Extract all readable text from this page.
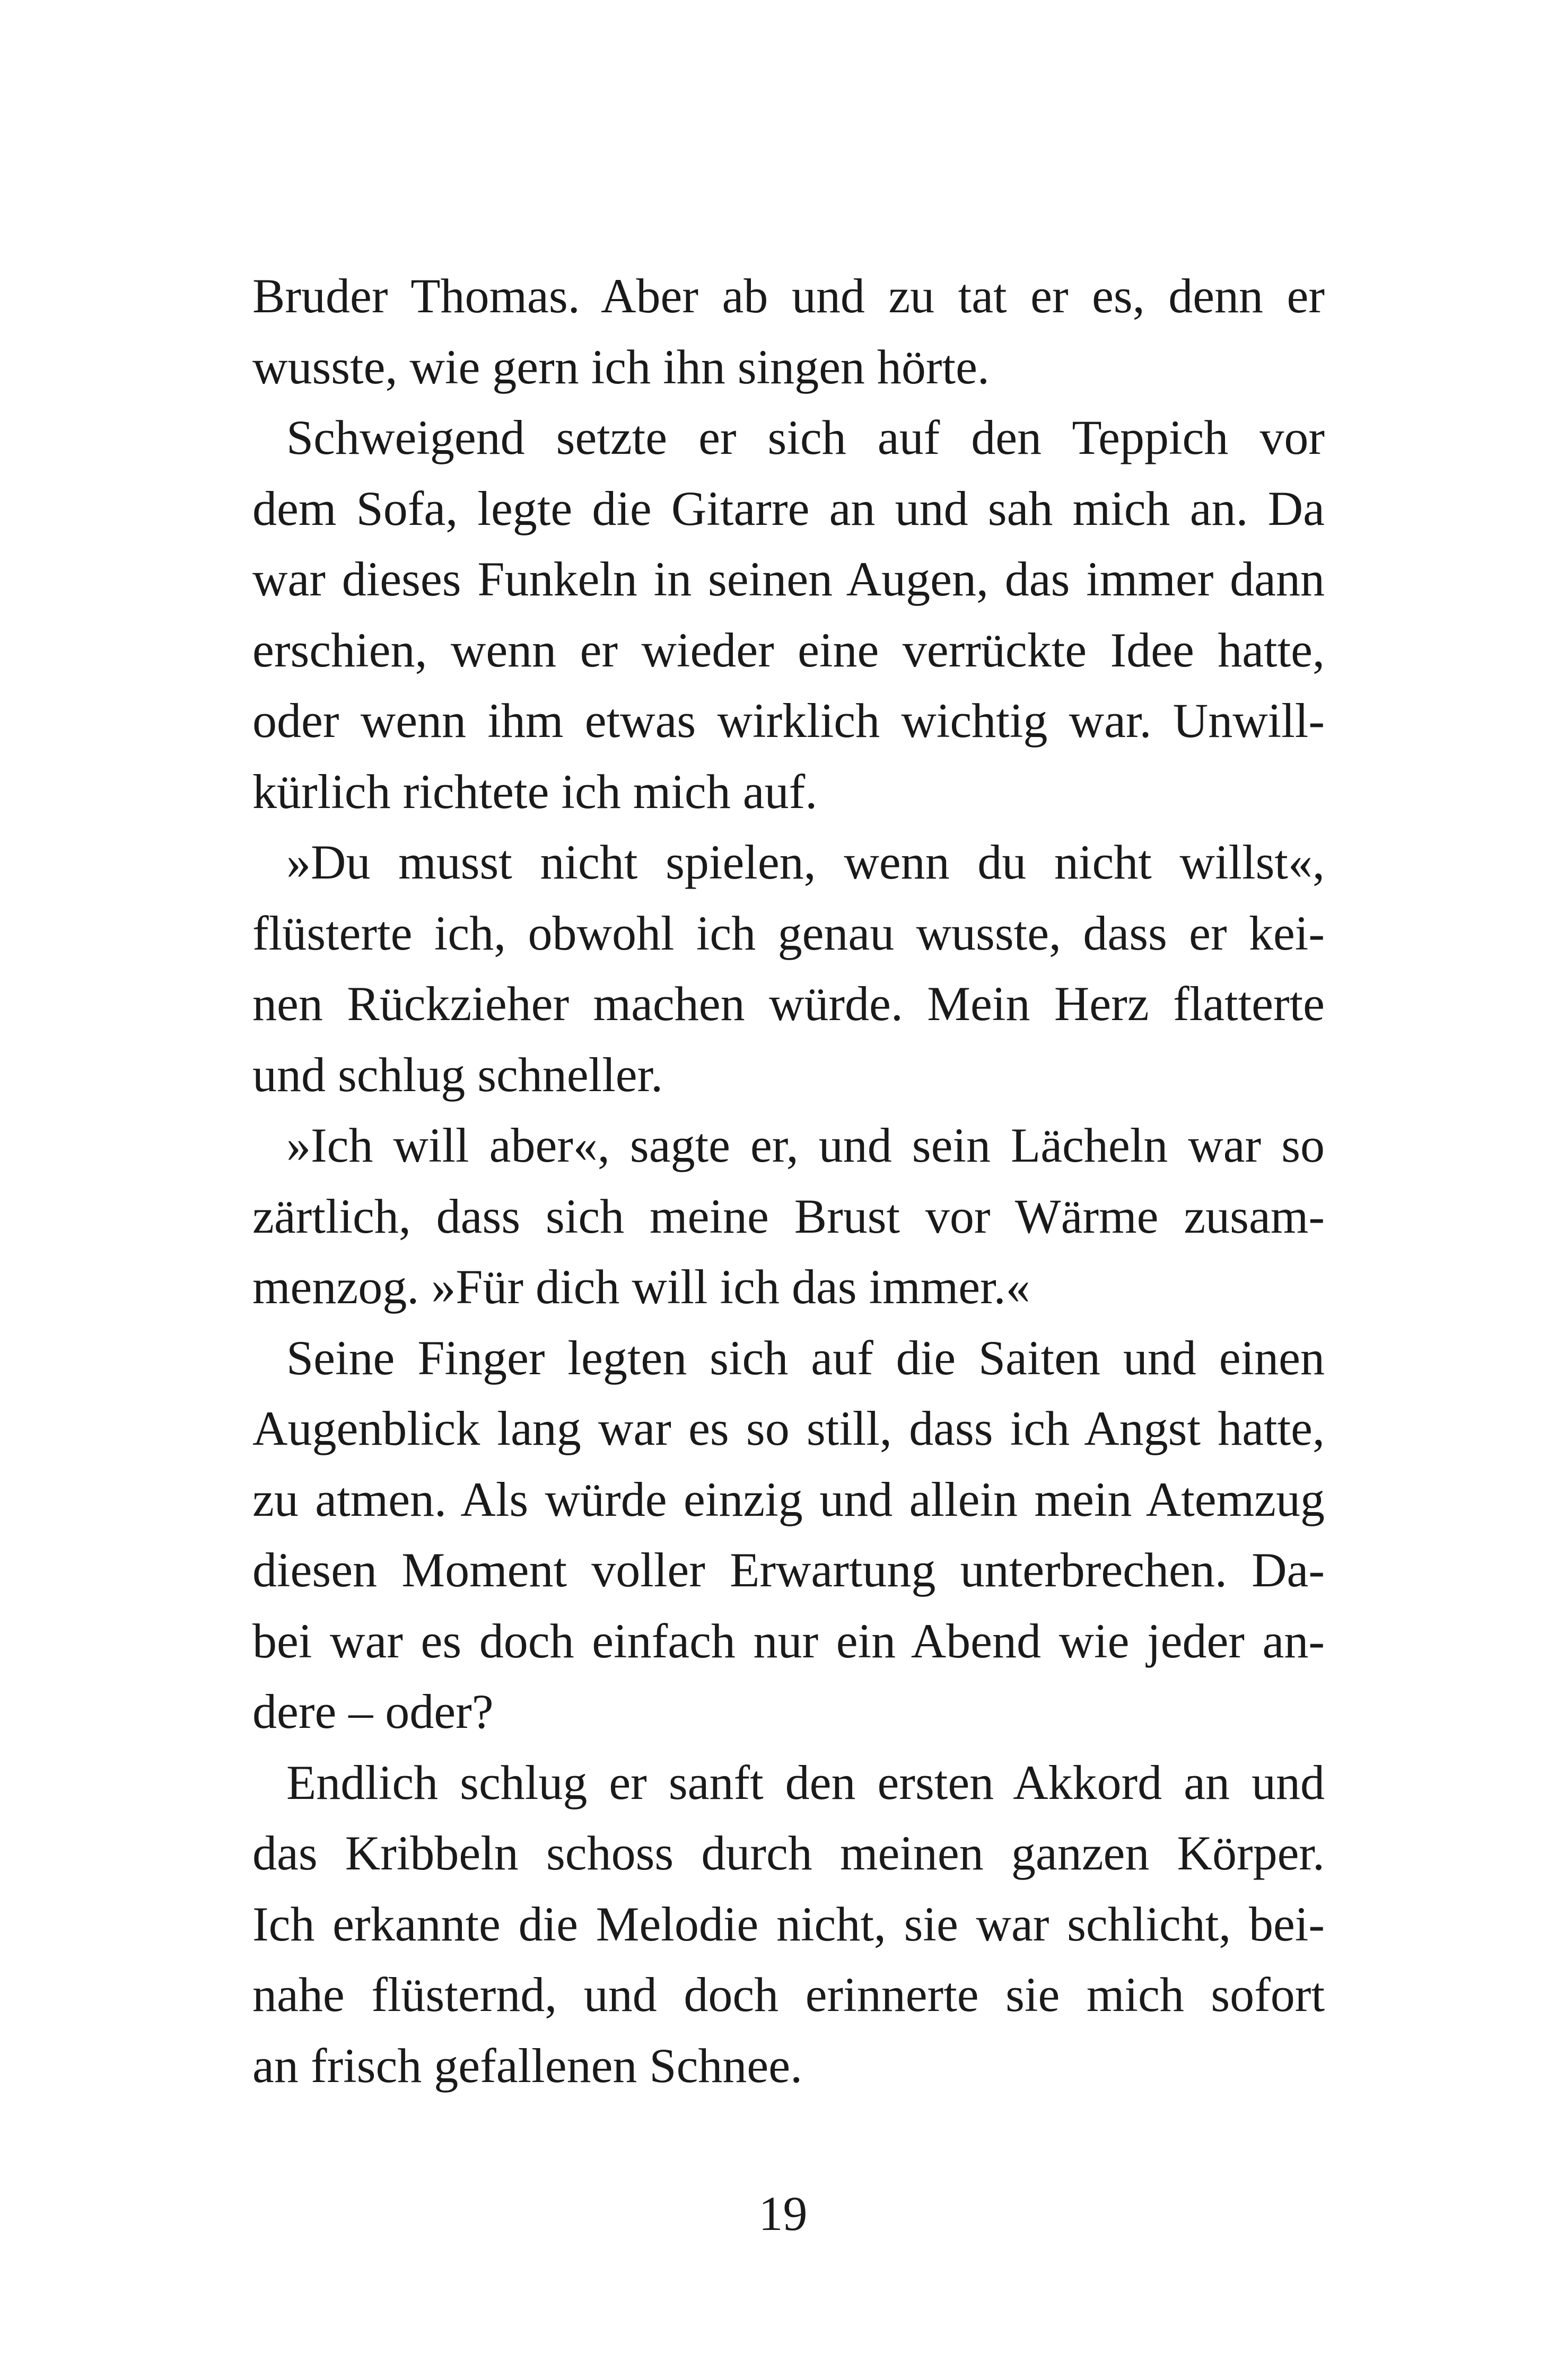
Bruder Thomas. Aber ab und zu tat er es, denn er
wusste, wie gern ich ihn singen hörte.
Schweigend setzte er sich auf den Teppich vor
dem Sofa, legte die Gitarre an und sah mich an. Da
war dieses Funkeln in seinen Augen, das immer dann
erschien, wenn er wieder eine verrückte Idee hatte,
oder wenn ihm etwas wirklich wichtig war. Unwill-
kürlich richtete ich mich auf.
»Du musst nicht spielen, wenn du nicht willst«,
flüsterte ich, obwohl ich genau wusste, dass er kei-
nen Rückzieher machen würde. Mein Herz flatterte
und schlug schneller.
»Ich will aber«, sagte er, und sein Lächeln war so
zärtlich, dass sich meine Brust vor Wärme zusam-
menzog. »Für dich will ich das immer.«
Seine Finger legten sich auf die Saiten und einen
Augenblick lang war es so still, dass ich Angst hatte,
zu atmen. Als würde einzig und allein mein Atemzug
diesen Moment voller Erwartung unterbrechen. Da-
bei war es doch einfach nur ein Abend wie jeder an-
dere – oder?
Endlich schlug er sanft den ersten Akkord an und
das Kribbeln schoss durch meinen ganzen Körper.
Ich erkannte die Melodie nicht, sie war schlicht, bei-
nahe flüsternd, und doch erinnerte sie mich sofort
an frisch gefallenen Schnee.
19
